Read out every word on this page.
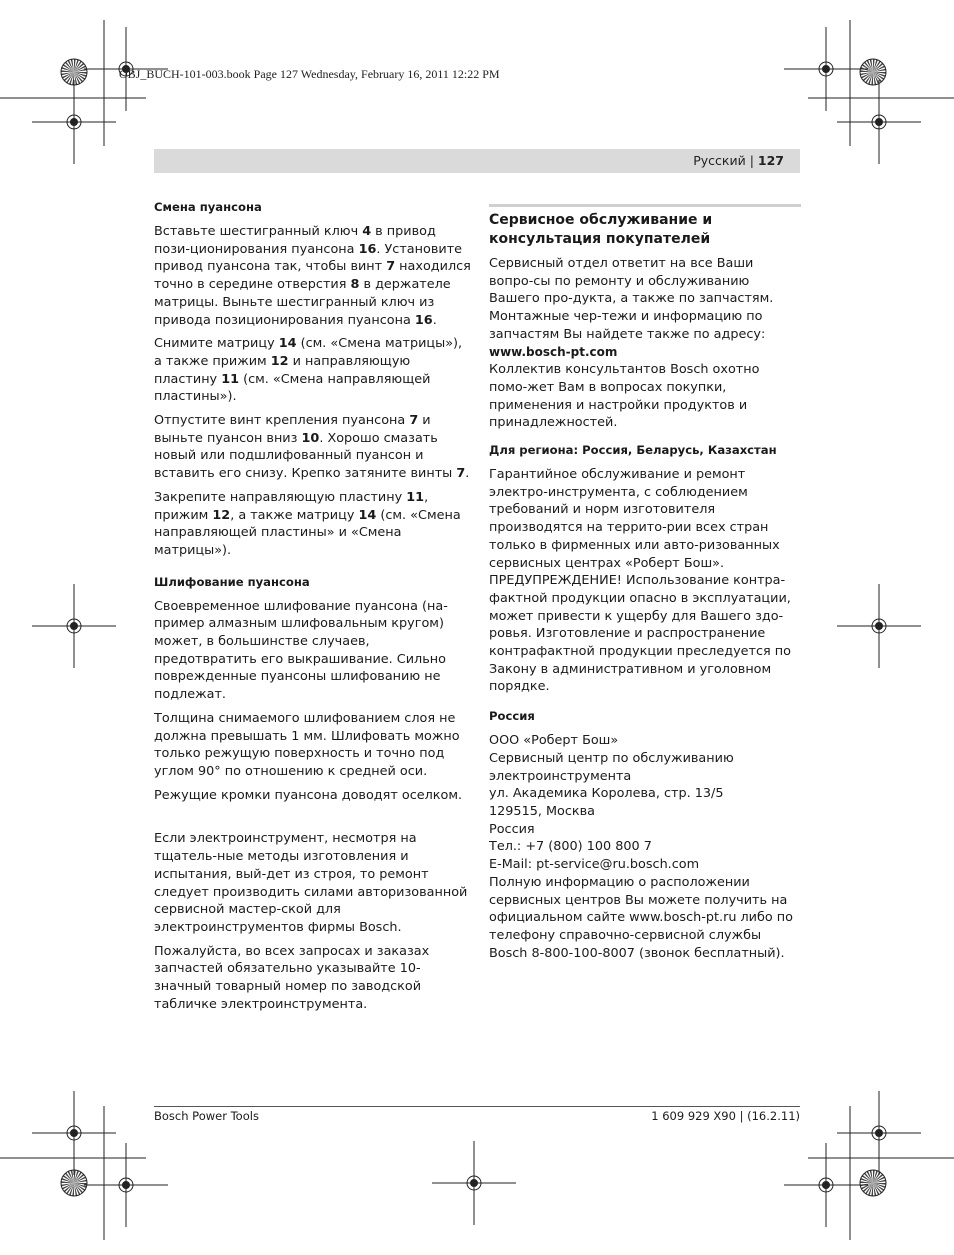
OBJ_BUCH-101-003.book Page 127 Wednesday, February 16, 2011 12:22 PM
Русский | 127
Смена пуансона

Вставьте шестигранный ключ 4 в привод пози-ционирования пуансона 16. Установите привод пуансона так, чтобы винт 7 находился точно в середине отверстия 8 в держателе матрицы. Выньте шестигранный ключ из привода позиционирования пуансона 16.

Снимите матрицу 14 (см. «Смена матрицы»), а также прижим 12 и направляющую пластину 11 (см. «Смена направляющей пластины»).

Отпустите винт крепления пуансона 7 и выньте пуансон вниз 10. Хорошо смазать новый или подшлифованный пуансон и вставить его снизу. Крепко затяните винты 7.

Закрепите направляющую пластину 11, прижим 12, а также матрицу 14 (см. «Смена направляющей пластины» и «Смена матрицы»).

Шлифование пуансона

Своевременное шлифование пуансона (на-пример алмазным шлифовальным кругом) может, в большинстве случаев, предотвратить его выкрашивание. Сильно поврежденные пуансоны шлифованию не подлежат.

Толщина снимаемого шлифованием слоя не должна превышать 1 мм. Шлифовать можно только режущую поверхность и точно под углом 90° по отношению к средней оси.

Режущие кромки пуансона доводят оселком.

Если электроинструмент, несмотря на тщатель-ные методы изготовления и испытания, вый-дет из строя, то ремонт следует производить силами авторизованной сервисной мастер-ской для электроинструментов фирмы Bosch.

Пожалуйста, во всех запросах и заказах запчастей обязательно указывайте 10-значный товарный номер по заводской табличке электроинструмента.

Сервисное обслуживание и консультация покупателей

Сервисный отдел ответит на все Ваши вопро-сы по ремонту и обслуживанию Вашего про-дукта, а также по запчастям. Монтажные чер-тежи и информацию по запчастям Вы найдете также по адресу:

www.bosch-pt.com

Коллектив консультантов Bosch охотно помо-жет Вам в вопросах покупки, применения и настройки продуктов и принадлежностей.

Для региона: Россия, Беларусь, Казахстан

Гарантийное обслуживание и ремонт электро-инструмента, с соблюдением требований и норм изготовителя производятся на террито-рии всех стран только в фирменных или авто-ризованных сервисных центрах «Роберт Бош». ПРЕДУПРЕЖДЕНИЕ! Использование контра-фактной продукции опасно в эксплуатации, может привести к ущербу для Вашего здо-ровья. Изготовление и распространение контрафактной продукции преследуется по Закону в административном и уголовном порядке.

Россия
ООО «Роберт Бош»
Сервисный центр по обслуживанию электроинструмента
ул. Академика Королева, стр. 13/5
129515, Москва
Россия
Тел.: +7 (800) 100 800 7
E-Mail: pt-service@ru.bosch.com
Полную информацию о расположении сервисных центров Вы можете получить на официальном сайте www.bosch-pt.ru либо по телефону справочно-сервисной службы Bosch 8-800-100-8007 (звонок бесплатный).
Bosch Power Tools	1 609 929 X90 | (16.2.11)
